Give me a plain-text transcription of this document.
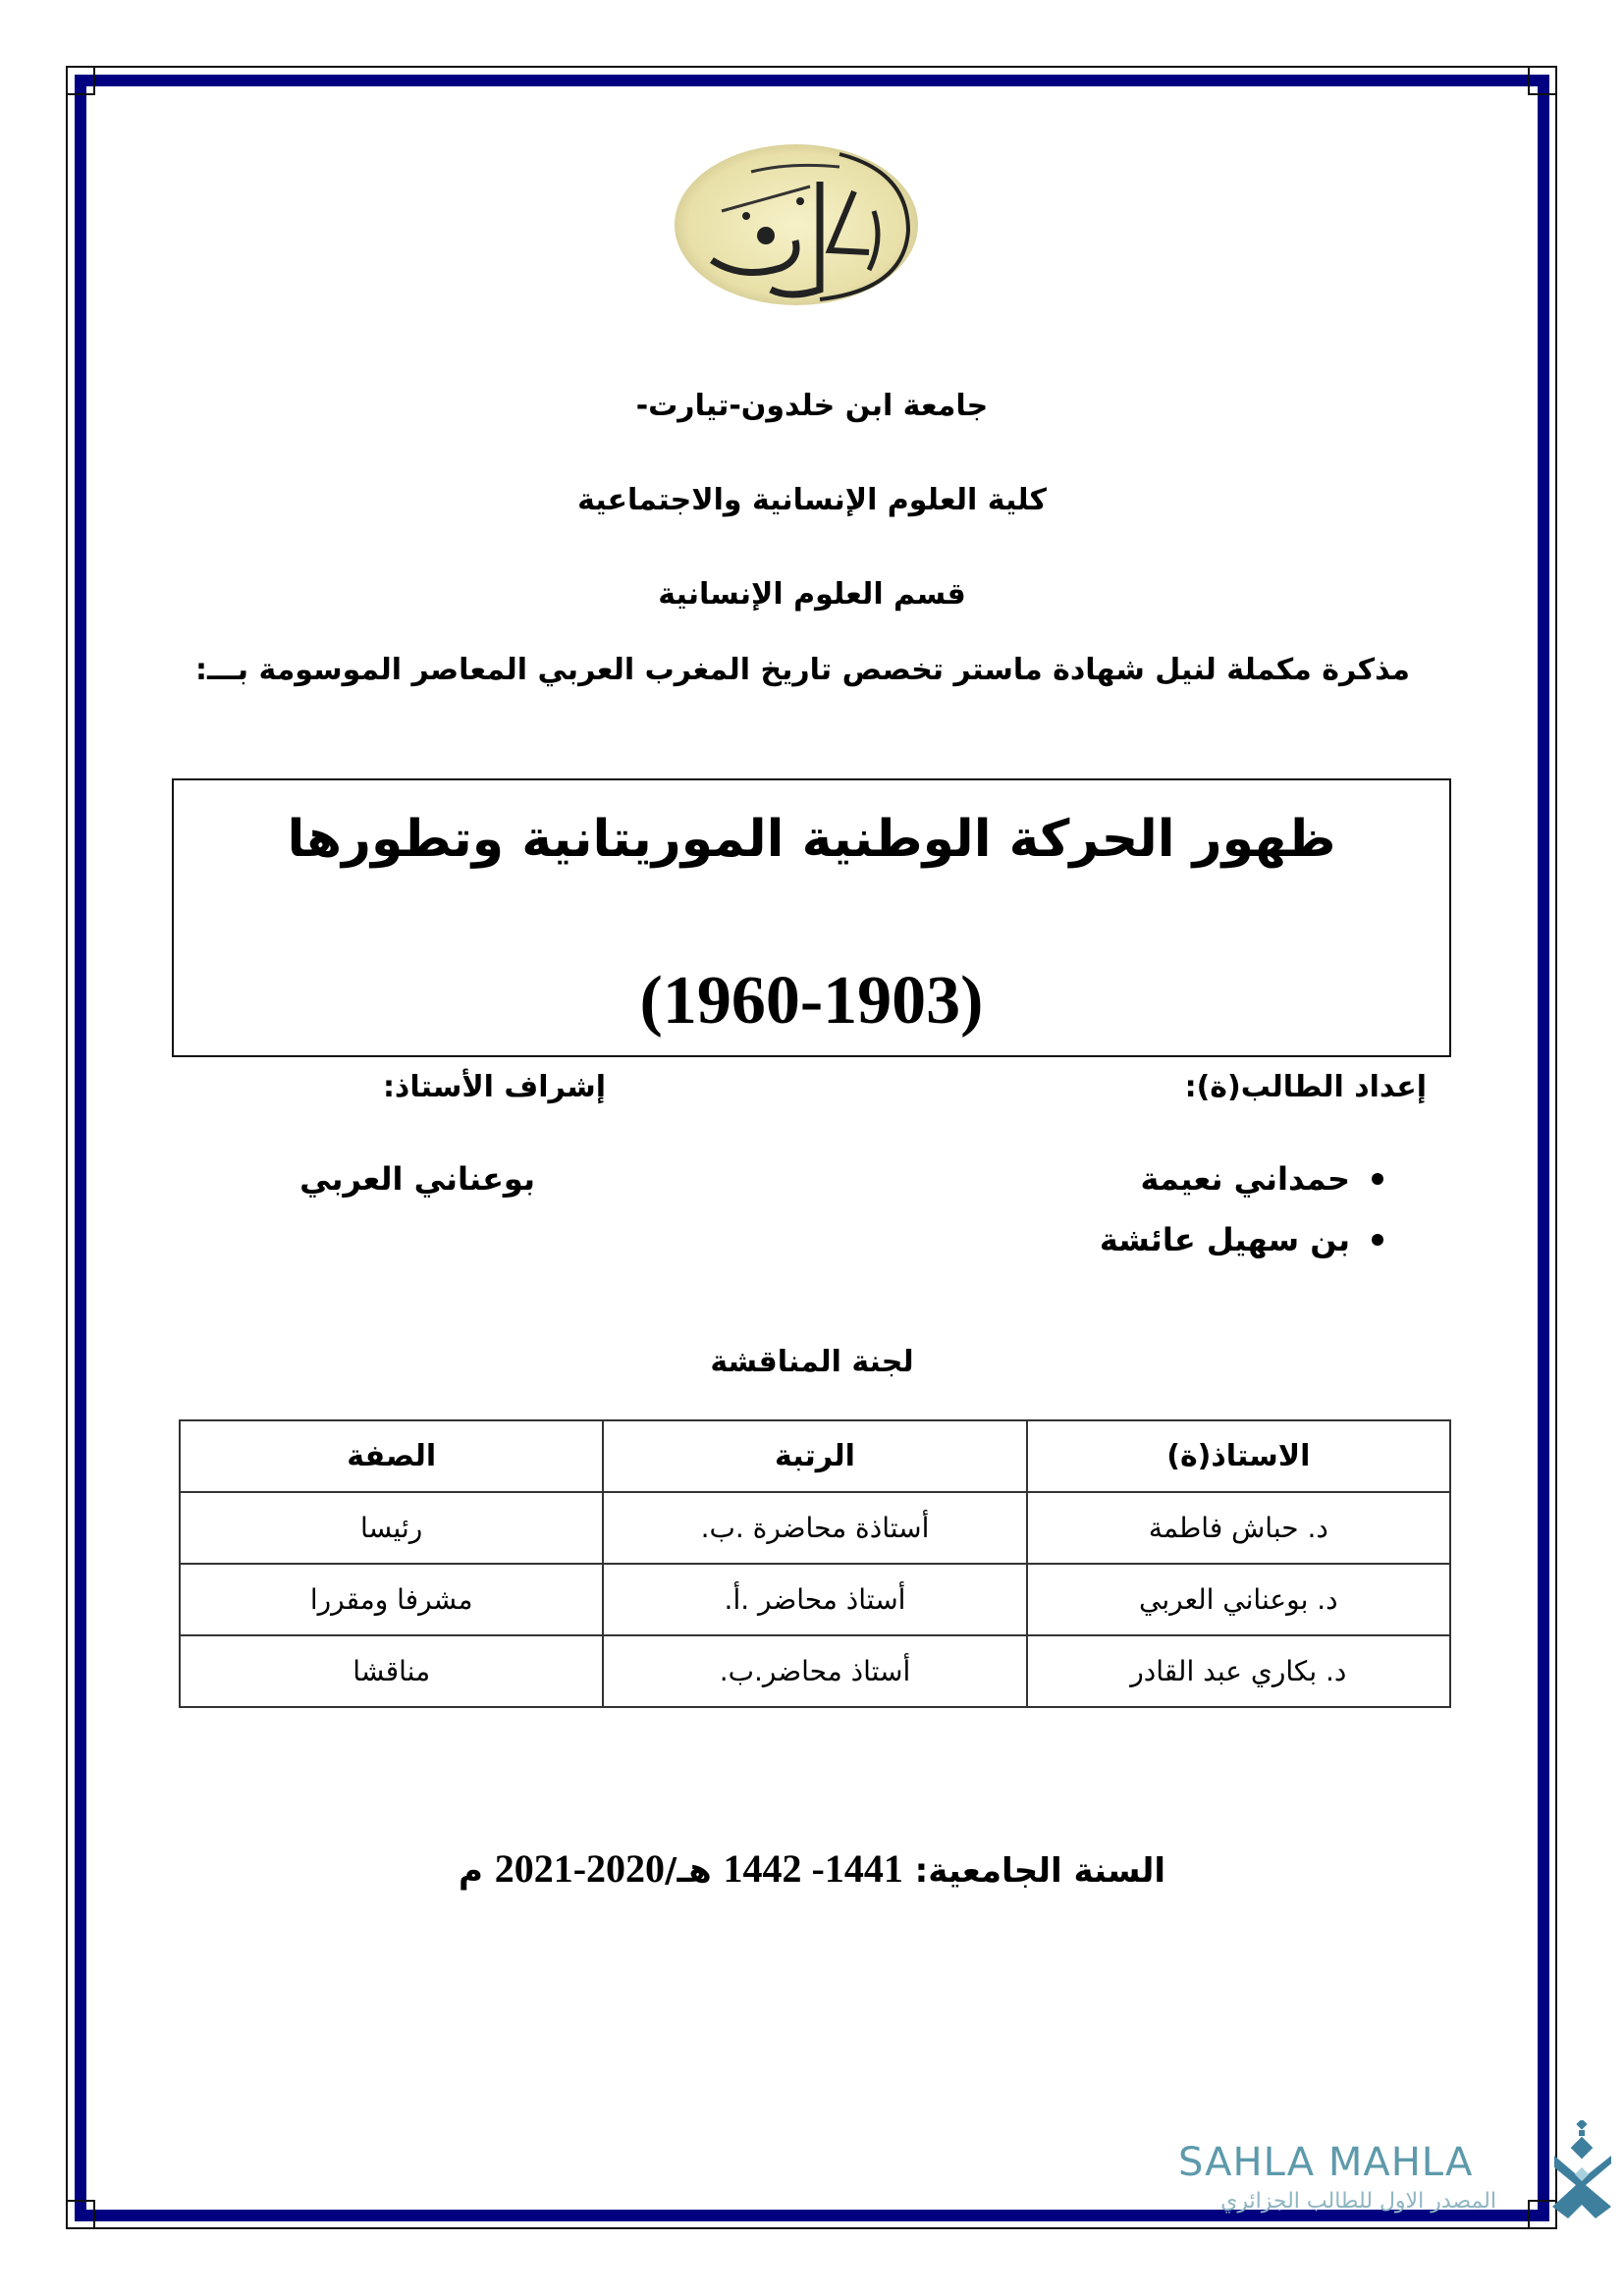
جامعة ابن خلدون-تيارت-
كلية العلوم الإنسانية والاجتماعية
قسم العلوم الإنسانية
مذكرة مكملة لنيل شهادة ماستر تخصص تاريخ المغرب العربي المعاصر الموسومة بـــ:
ظهور الحركة الوطنية الموريتانية وتطورها
(1960-1903)
إعداد الطالب(ة):
حمداني نعيمة
بن سهيل عائشة
إشراف الأستاذ:
بوعناني العربي
لجنة المناقشة
الاستاذ(ة)	الرتبة	الصفة
د. حباش فاطمة	أستاذة محاضرة .ب.	رئيسا
د. بوعناني العربي	أستاذ محاضر .أ.	مشرفا ومقررا
د. بكاري عبد القادر	أستاذ محاضر.ب.	مناقشا
السنة الجامعية: 1441- 1442 هـ/2020-2021 م
SAHLA MAHLA
المصدر الاول للطالب الجزائري
